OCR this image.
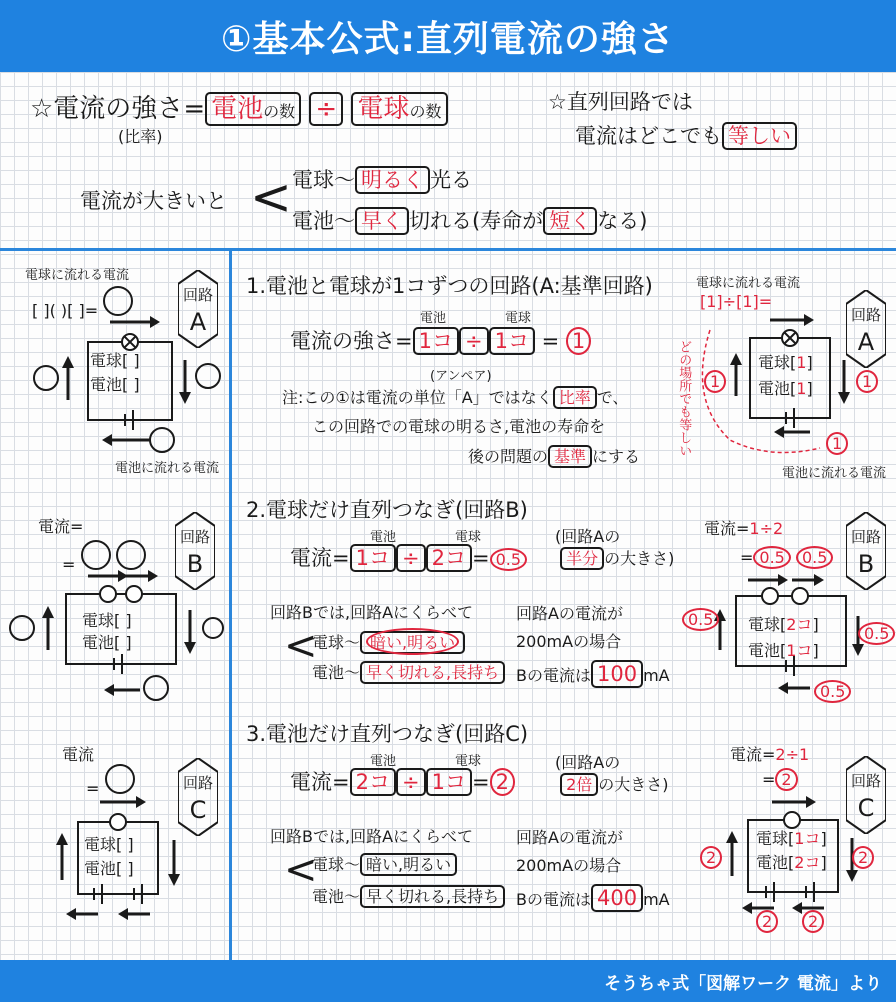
①基本公式:直列電流の強さ
☆電流の強さ= 電池の数 ÷ 電球の数
(比率)
☆直列回路では
電流はどこでも 等しい
電流が大きいと < 電球〜 明るく 光る
電池〜 早く 切れる(寿命が 短く なる)
電球に流れる電流
[ ]( )[ ]=
電球[ ]
電池[ ]
回路
A
電池に流れる電流
電流=
=
電球[ ]
電池[ ]
回路
B
電流
=
電球[ ]
電池[ ]
回路
C
1.電池と電球が1コずつの回路(A:基準回路)
電池	電球
電流の強さ= 1コ ÷ 1コ = 1
(アンペア)
注:この①は電流の単位「A」ではなく 比率 で、
この回路での電球の明るさ,電池の寿命を
後の問題の 基準 にする
電球に流れる電流
[1]÷[1]=
1	1
1
電球[1]
電池[1]
どの場所でも等しい
回路
A
電池に流れる電流
2.電球だけ直列つなぎ(回路B)
電池	電球
電流= 1コ ÷ 2コ = 0.5
(回路Aの
半分 の大きさ)
回路Bでは,回路Aにくらべて
<
電球〜 暗い,明るい
電池〜 早く切れる,長持ち
回路Aの電流が
200mAの場合
Bの電流は 100 mA
電流=1÷2
= 0.5 0.5
0.5
0.5
0.5
電球[2コ]
電池[1コ]
回路
B
3.電池だけ直列つなぎ(回路C)
電池	電球
電流= 2コ ÷ 1コ = 2
(回路Aの
2倍 の大きさ)
回路Bでは,回路Aにくらべて
<
電球〜 暗い,明るい
電池〜 早く切れる,長持ち
回路Aの電流が
200mAの場合
Bの電流は 400 mA
電流=2÷1
= 2
2	2
2	2
電球[1コ]
電池[2コ]
回路
C
そうちゃ式「図解ワーク 電流」より
